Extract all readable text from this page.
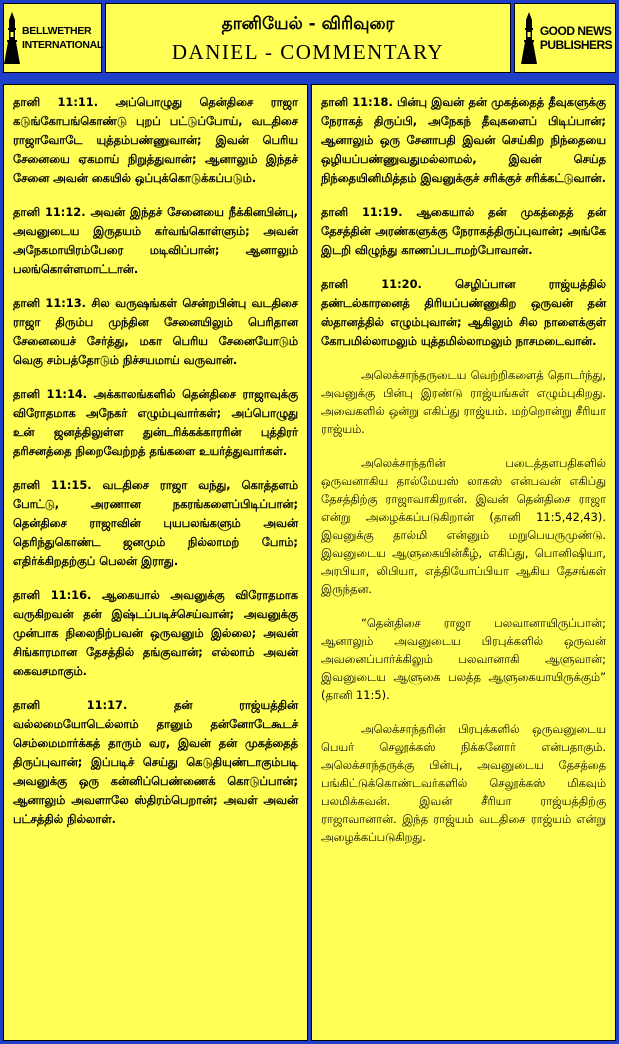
BELLWETHER
INTERNATIONAL
தானியேல் - விரிவுரை
DANIEL - COMMENTARY
GOOD NEWS
PUBLISHERS

தானி 11:11. அப்பொழுது தென்திசை ராஜா கடுங்கோபங்கொண்டு புறப் பட்டுப்போய், வடதிசை ராஜாவோடே யுத்தம்பண்ணுவான்; இவன் பெரிய சேனையை ஏகமாய் நிறுத்துவான்; ஆனாலும் இந்தச் சேனை அவன் கையில் ஒப்புக்கொடுக்கப்படும்.

தானி 11:12. அவன் இந்தச் சேனையை நீக்கினபின்பு, அவனுடைய இருதயம் கர்வங்கொள்ளும்; அவன் அநேகமாயிரம்பேரை மடிவிப்பான்; ஆனாலும் பலங்கொள்ளமாட்டான்.

தானி 11:13. சில வருஷங்கள் சென்றபின்பு வடதிசை ராஜா திரும்ப முந்தின சேனையிலும் பெரிதான சேனையைச் சேர்த்து, மகா பெரிய சேனையோடும் வெகு சம்பத்தோடும் நிச்சயமாய் வருவான்.

தானி 11:14. அக்காலங்களில் தென்திசை ராஜாவுக்கு விரோதமாக அநேகர் எழும்புவார்கள்; அப்பொழுது உன் ஜனத்திலுள்ள துன்டரிக்கக்காரரின் புத்திரர் தரிசனத்தை நிறைவேற்றத் தங்களை உயர்த்துவார்கள்.

தானி 11:15. வடதிசை ராஜா வந்து, கொத்தளம் போட்டு, அரணான நகரங்களைப்பிடிப்பான்; தென்திசை ராஜாவின் புயபலங்களும் அவன் தெரிந்துகொண்ட ஜனமும் நில்லாமற் போம்; எதிர்க்கிறதற்குப் பெலன் இராது.

தானி 11:16. ஆகையால் அவனுக்கு விரோதமாக வருகிறவன் தன் இஷ்டப்படிச்செய்வான்; அவனுக்கு முன்பாக நிலைநிற்பவன் ஒருவனும் இல்லை; அவன் சிங்காரமான தேசத்தில் தங்குவான்; எல்லாம் அவன் கைவசமாகும்.

தானி 11:17. தன் ராஜ்யத்தின் வல்லமையோடெல்லாம் தானும் தன்னோடேகூடச் செம்மைமார்க்கத் தாரும் வர, இவன் தன் முகத்தைத் திருப்புவான்; இப்படிச் செய்து கெடுதியுண்டாகும்படி அவனுக்கு ஒரு கன்னிப்பெண்ணைக் கொடுப்பான்; ஆனாலும் அவளாலே ஸ்திரம்பெறான்; அவள் அவன் பட்சத்தில் நில்லாள்.

தானி 11:18. பின்பு இவன் தன் முகத்தைத் தீவுகளுக்கு நேராகத் திருப்பி, அநேகந் தீவுகளைப் பிடிப்பான்; ஆனாலும் ஒரு சேனாபதி இவன் செய்கிற நிந்தையை ஒழியப்பண்ணுவதுமல்லாமல், இவன் செய்த நிந்தையினிமித்தம் இவனுக்குச் சரிக்குச் சரிக்கட்டுவான்.

தானி 11:19. ஆகையால் தன் முகத்தைத் தன் தேசத்தின் அரண்களுக்கு நேராகத்திருப்புவான்; அங்கே இடறி விழுந்து காணப்படாமற்போவான்.

தானி 11:20. செழிப்பான ராஜ்யத்தில் தண்டல்காரனைத் திரியப்பண்ணுகிற ஒருவன் தன் ஸ்தானத்தில் எழும்புவான்; ஆகிலும் சில நாளைக்குள் கோபமில்லாமலும் யுத்தமில்லாமலும் நாசமடைவான்.

அலெக்சாந்தருடைய வெற்றிகளைத் தொடர்ந்து, அவனுக்கு பின்பு இரண்டு ராஜ்யங்கள் எழும்புகிறது. அவைகளில் ஒன்று எகிப்து ராஜ்யம். மற்றொன்று சீரியா ராஜ்யம்.

அலெக்சாந்தரின் படைத்தளபதிகளில் ஒருவனாகிய தால்மேயஸ் லாகஸ் என்பவன் எகிப்து தேசத்திற்கு ராஜாவாகிறான். இவன் தென்திசை ராஜா என்று அழைக்கப்படுகிறான் (தானி 11:5,42,43). இவனுக்கு தால்மி என்னும் மறுபெயருமுண்டு. இவனுடைய ஆளுகையின்கீழ், எகிப்து, பொனிஷியா, அரபியா, லிபியா, எத்தியோப்பியா ஆகிய தேசங்கள் இருந்தன.

“தென்திசை ராஜா பலவானாயிருப்பான்; ஆனாலும் அவனுடைய பிரபுக்களில் ஒருவன் அவனைப்பார்க்கிலும் பலவானாகி ஆளுவான்; இவனுடைய ஆளுகை பலத்த ஆளுகையாயிருக்கும்” (தானி 11:5).

அலெக்சாந்தரின் பிரபுக்களில் ஒருவனுடைய பெயர் செலூக்கஸ் நிக்கனோர் என்பதாகும். அலெக்சாந்தருக்கு பின்பு, அவனுடைய தேசத்தை பங்கிட்டுக்கொண்டவர்களில் செலூக்கஸ் மிகவும் பலமிக்கவன். இவன் சீரியா ராஜ்யத்திற்கு ராஜாவானான். இந்த ராஜ்யம் வடதிசை ராஜ்யம் என்று அழைக்கப்படுகிறது.
